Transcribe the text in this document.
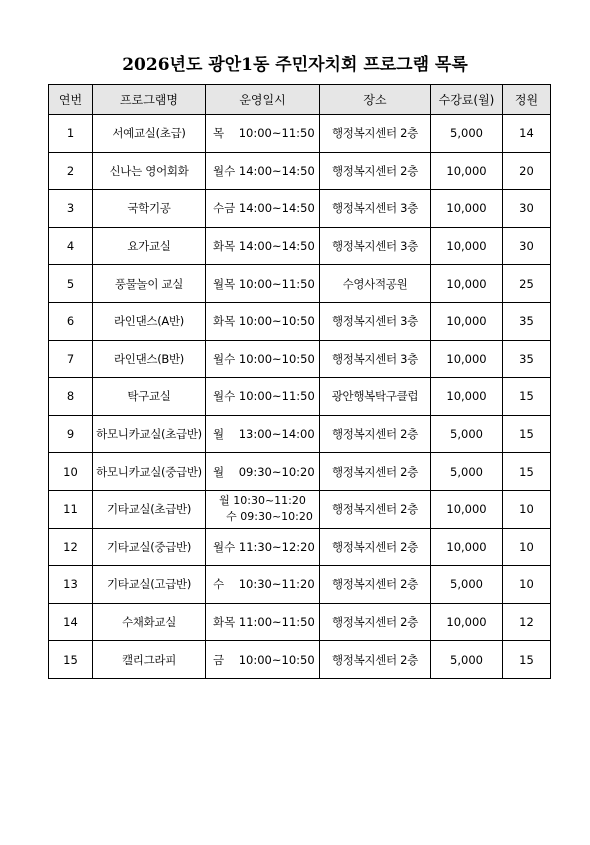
2026년도 광안1동 주민자치회 프로그램 목록
연번	프로그램명	운영일시	장소	수강료(월)	정원
1	서예교실(초급)	목    10:00~11:50	행정복지센터 2층	5,000	14
2	신나는 영어회화	월수 14:00~14:50	행정복지센터 2층	10,000	20
3	국학기공	수금 14:00~14:50	행정복지센터 3층	10,000	30
4	요가교실	화목 14:00~14:50	행정복지센터 3층	10,000	30
5	풍물놀이 교실	월목 10:00~11:50	수영사적공원	10,000	25
6	라인댄스(A반)	화목 10:00~10:50	행정복지센터 3층	10,000	35
7	라인댄스(B반)	월수 10:00~10:50	행정복지센터 3층	10,000	35
8	탁구교실	월수 10:00~11:50	광안행복탁구클럽	10,000	15
9	하모니카교실(초급반)	월    13:00~14:00	행정복지센터 2층	5,000	15
10	하모니카교실(중급반)	월    09:30~10:20	행정복지센터 2층	5,000	15
11	기타교실(초급반)	월 10:30~11:20
수 09:30~10:20	행정복지센터 2층	10,000	10
12	기타교실(중급반)	월수 11:30~12:20	행정복지센터 2층	10,000	10
13	기타교실(고급반)	수    10:30~11:20	행정복지센터 2층	5,000	10
14	수채화교실	화목 11:00~11:50	행정복지센터 2층	10,000	12
15	캘리그라피	금    10:00~10:50	행정복지센터 2층	5,000	15
